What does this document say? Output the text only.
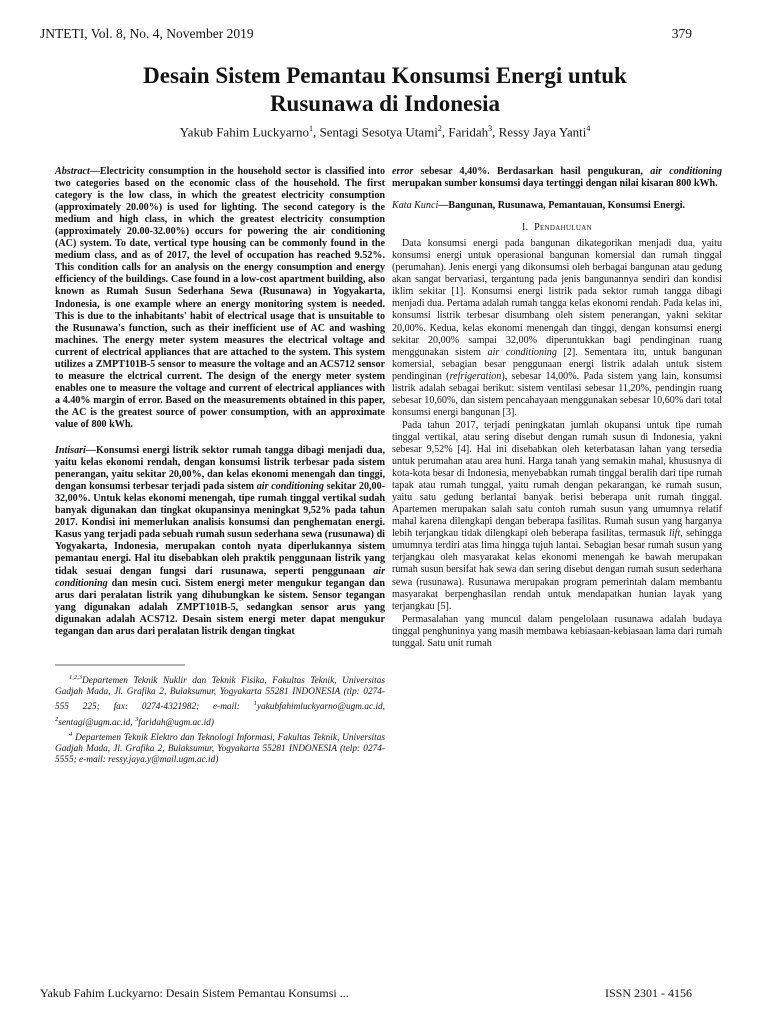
JNTETI, Vol. 8, No. 4, November 2019	379
Desain Sistem Pemantau Konsumsi Energi untuk Rusunawa di Indonesia

Yakub Fahim Luckyarno$^1$, Sentagi Sesotya Utami$^2$, Faridah$^3$, Ressy Jaya Yanti$^4$

Abstract—Electricity consumption in the household sector is classified into two categories based on the economic class of the household. The first category is the low class, in which the greatest electricity consumption (approximately 20.00%) is used for lighting. The second category is the medium and high class, in which the greatest electricity consumption (approximately 20.00-32.00%) occurs for powering the air conditioning (AC) system. To date, vertical type housing can be commonly found in the medium class, and as of 2017, the level of occupation has reached 9.52%. This condition calls for an analysis on the energy consumption and energy efficiency of the buildings. Case found in a low-cost apartment building, also known as Rumah Susun Sederhana Sewa (Rusunawa) in Yogyakarta, Indonesia, is one example where an energy monitoring system is needed. This is due to the inhabitants' habit of electrical usage that is unsuitable to the Rusunawa's function, such as their inefficient use of AC and washing machines. The energy meter system measures the electrical voltage and current of electrical appliances that are attached to the system. This system utilizes a ZMPT101B-5 sensor to measure the voltage and an ACS712 sensor to measure the elctrical current. The design of the energy meter system enables one to measure the voltage and current of electrical appliances with a 4.40% margin of error. Based on the measurements obtained in this paper, the AC is the greatest source of power consumption, with an approximate value of 800 kWh.

Intisari—Konsumsi energi listrik sektor rumah tangga dibagi menjadi dua, yaitu kelas ekonomi rendah, dengan konsumsi listrik terbesar pada sistem penerangan, yaitu sekitar 20,00%, dan kelas ekonomi menengah dan tinggi, dengan konsumsi terbesar terjadi pada sistem air conditioning sekitar 20,00-32,00%. Untuk kelas ekonomi menengah, tipe rumah tinggal vertikal sudah banyak digunakan dan tingkat okupansinya meningkat 9,52% pada tahun 2017. Kondisi ini memerlukan analisis konsumsi dan penghematan energi. Kasus yang terjadi pada sebuah rumah susun sederhana sewa (rusunawa) di Yogyakarta, Indonesia, merupakan contoh nyata diperlukannya sistem pemantau energi. Hal itu disebabkan oleh praktik penggunaan listrik yang tidak sesuai dengan fungsi dari rusunawa, seperti penggunaan air conditioning dan mesin cuci. Sistem energi meter mengukur tegangan dan arus dari peralatan listrik yang dihubungkan ke sistem. Sensor tegangan yang digunakan adalah ZMPT101B-5, sedangkan sensor arus yang digunakan adalah ACS712. Desain sistem energi meter dapat mengukur tegangan dan arus dari peralatan listrik dengan tingkat

$^{1,2,3}$Departemen Teknik Nuklir dan Teknik Fisika, Fakultas Teknik, Universitas Gadjah Mada, Jl. Grafika 2, Bulaksumur, Yogyakarta 55281 INDONESIA (tlp: 0274-555 225; fax: 0274-4321982; e-mail: $^1$yakubfahimluckyarno@ugm.ac.id, $^2$sentagi@ugm.ac.id, $^3$faridah@ugm.ac.id)

$^4$ Departemen Teknik Elektro dan Teknologi Informasi, Fakultas Teknik, Universitas Gadjah Mada, Jl. Grafika 2, Bulaksumur, Yogyakarta 55281 INDONESIA (telp: 0274-5555; e-mail: ressy.jaya.y@mail.ugm.ac.id)

error sebesar 4,40%. Berdasarkan hasil pengukuran, air conditioning merupakan sumber konsumsi daya tertinggi dengan nilai kisaran 800 kWh.

Kata Kunci—Bangunan, Rusunawa, Pemantauan, Konsumsi Energi.

I. Pendahuluan

Data konsumsi energi pada bangunan dikategorikan menjadi dua, yaitu konsumsi energi untuk operasional bangunan komersial dan rumah tinggal (perumahan). Jenis energi yang dikonsumsi oleh berbagai bangunan atau gedung akan sangat bervariasi, tergantung pada jenis bangunannya sendiri dan kondisi iklim sekitar [1]. Konsumsi energi listrik pada sektor rumah tangga dibagi menjadi dua. Pertama adalah rumah tangga kelas ekonomi rendah. Pada kelas ini, konsumsi listrik terbesar disumbang oleh sistem penerangan, yakni sekitar 20,00%. Kedua, kelas ekonomi menengah dan tinggi, dengan konsumsi energi sekitar 20,00% sampai 32,00% diperuntukkan bagi pendinginan ruang menggunakan sistem air conditioning [2]. Sementara itu, untuk bangunan komersial, sebagian besar penggunaan energi listrik adalah untuk sistem pendinginan (refrigeration), sebesar 14,00%. Pada sistem yang lain, konsumsi listrik adalah sebagai berikut: sistem ventilasi sebesar 11,20%, pendingin ruang sebesar 10,60%, dan sistem pencahayaan menggunakan sebesar 10,60% dari total konsumsi energi bangunan [3].

Pada tahun 2017, terjadi peningkatan jumlah okupansi untuk tipe rumah tinggal vertikal, atau sering disebut dengan rumah susun di Indonesia, yakni sebesar 9,52% [4]. Hal ini disebabkan oleh keterbatasan lahan yang tersedia untuk perumahan atau area huni. Harga tanah yang semakin mahal, khususnya di kota-kota besar di Indonesia, menyebabkan rumah tinggal beralih dari tipe rumah tapak atau rumah tunggal, yaitu rumah dengan pekarangan, ke rumah susun, yaitu satu gedung berlantai banyak berisi beberapa unit rumah tinggal. Apartemen merupakan salah satu contoh rumah susun yang umumnya relatif mahal karena dilengkapi dengan beberapa fasilitas. Rumah susun yang harganya lebih terjangkau tidak dilengkapi oleh beberapa fasilitas, termasuk lift, sehingga umumnya terdiri atas lima hingga tujuh lantai. Sebagian besar rumah susun yang terjangkau oleh masyarakat kelas ekonomi menengah ke bawah merupakan rumah susun bersifat hak sewa dan sering disebut dengan rumah susun sederhana sewa (rusunawa). Rusunawa merupakan program pemerintah dalam membantu masyarakat berpenghasilan rendah untuk mendapatkan hunian layak yang terjangkau [5].

Permasalahan yang muncul dalam pengelolaan rusunawa adalah budaya tinggal penghuninya yang masih membawa kebiasaan-kebiasaan lama dari rumah tunggal. Satu unit rumah

Yakub Fahim Luckyarno: Desain Sistem Pemantau Konsumsi ...	ISSN 2301 - 4156
